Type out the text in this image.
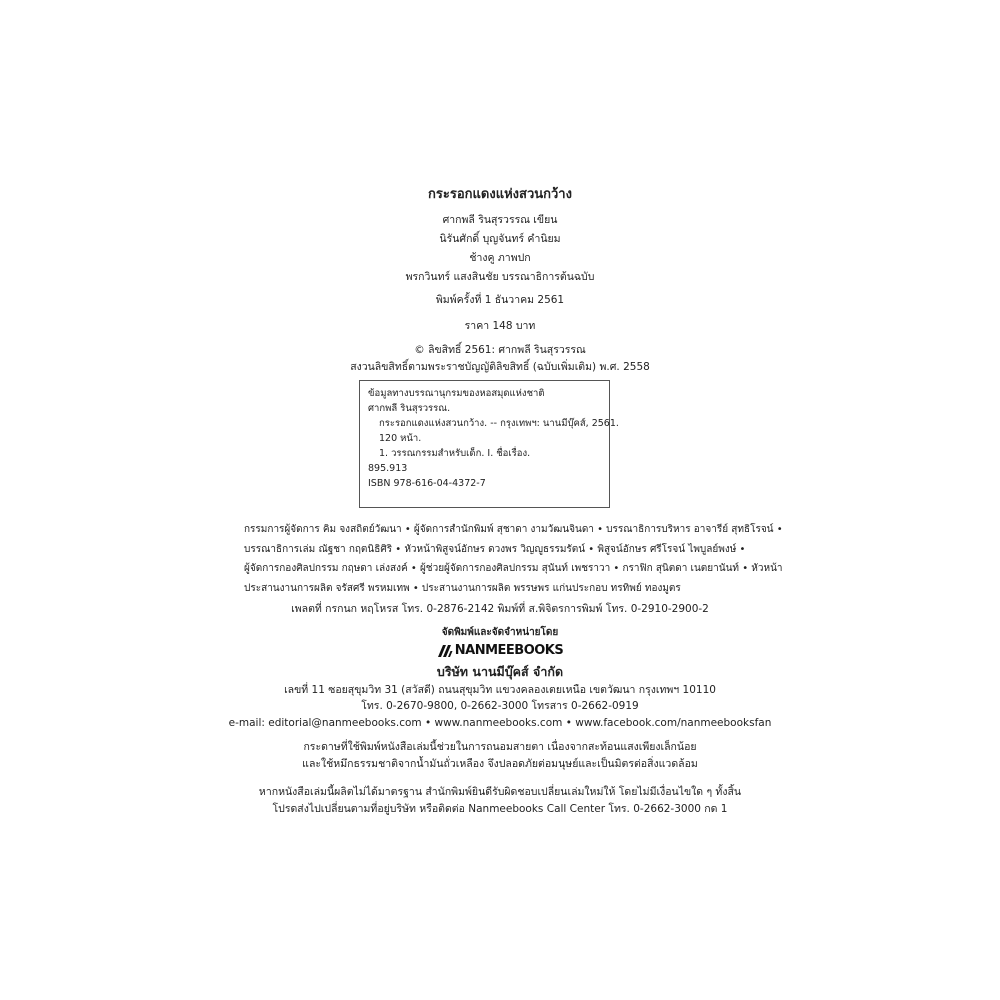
กระรอกแดงแห่งสวนกว้าง

ศากพลี รินสุรวรรณ เขียน

นิรันศักดิ์ บุญจันทร์ คำนิยม

ช้างคู ภาพปก

พรกวินทร์ แสงสินชัย บรรณาธิการต้นฉบับ

พิมพ์ครั้งที่ 1 ธันวาคม 2561

ราคา 148 บาท

© ลิขสิทธิ์ 2561: ศากพลี รินสุรวรรณ

สงวนลิขสิทธิ์ตามพระราชบัญญัติลิขสิทธิ์ (ฉบับเพิ่มเติม) พ.ศ. 2558

ข้อมูลทางบรรณานุกรมของหอสมุดแห่งชาติ
ศากพลี รินสุรวรรณ.
กระรอกแดงแห่งสวนกว้าง. -- กรุงเทพฯ: นานมีบุ๊คส์, 2561.
120 หน้า.
1. วรรณกรรมสำหรับเด็ก. I. ชื่อเรื่อง.
895.913
ISBN 978-616-04-4372-7
กรรมการผู้จัดการ คิม จงสถิตย์วัฒนา • ผู้จัดการสำนักพิมพ์ สุชาดา งามวัฒนจินดา • บรรณาธิการบริหาร อาจารีย์ สุทธิโรจน์ •
บรรณาธิการเล่ม ณัฐชา กฤตนิธิศิริ • หัวหน้าพิสูจน์อักษร ดวงพร วิญญูธรรมรัตน์ • พิสูจน์อักษร ศรีโรจน์ ไพบูลย์พงษ์ •
ผู้จัดการกองศิลปกรรม กฤษดา เล่งสงค์ • ผู้ช่วยผู้จัดการกองศิลปกรรม สุนันท์ เพชราวา • กราฟิก สุนิตดา เนตยานันท์ • หัวหน้า
ประสานงานการผลิต จรัสศรี พรหมเทพ • ประสานงานการผลิต พรรษพร แก่นประกอบ ทรทิพย์ ทองมูตร

เพลตที่ กรกนก หฤโหรส โทร. 0-2876-2142 พิมพ์ที่ ส.พิจิตรการพิมพ์ โทร. 0-2910-2900-2

จัดพิมพ์และจัดจำหน่ายโดย

NANMEEBOOKS

บริษัท นานมีบุ๊คส์ จำกัด

เลขที่ 11 ซอยสุขุมวิท 31 (สวัสดี) ถนนสุขุมวิท แขวงคลองเตยเหนือ เขตวัฒนา กรุงเทพฯ 10110

โทร. 0-2670-9800, 0-2662-3000 โทรสาร 0-2662-0919

e-mail: editorial@nanmeebooks.com • www.nanmeebooks.com • www.facebook.com/nanmeebooksfan

กระดาษที่ใช้พิมพ์หนังสือเล่มนี้ช่วยในการถนอมสายตา เนื่องจากสะท้อนแสงเพียงเล็กน้อย

และใช้หมึกธรรมชาติจากน้ำมันถั่วเหลือง จึงปลอดภัยต่อมนุษย์และเป็นมิตรต่อสิ่งแวดล้อม

หากหนังสือเล่มนี้ผลิตไม่ได้มาตรฐาน สำนักพิมพ์ยินดีรับผิดชอบเปลี่ยนเล่มใหม่ให้ โดยไม่มีเงื่อนไขใด ๆ ทั้งสิ้น

โปรดส่งไปเปลี่ยนตามที่อยู่บริษัท หรือติดต่อ Nanmeebooks Call Center โทร. 0-2662-3000 กด 1
